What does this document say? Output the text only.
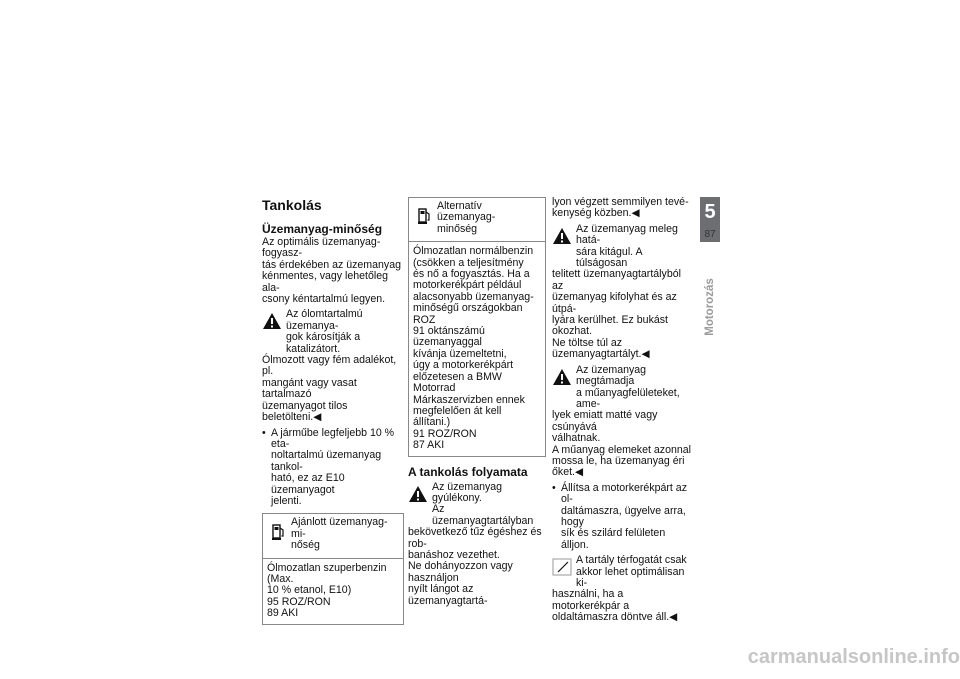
Tankolás
Üzemanyag-minőség

Az optimális üzemanyag-fogyasz-
tás érdekében az üzemanyag
kénmentes, vagy lehetőleg ala-
csony kéntartalmú legyen.

Az ólomtartalmú üzemanya-
gok károsítják a katalizátort.
Ólmozott vagy fém adalékot, pl.
mangánt vagy vasat tartalmazó
üzemanyagot tilos beletölteni.◀
• A járműbe legfeljebb 10 % eta-
noltartalmú üzemanyag tankol-
ható, ez az E10 üzemanyagot
jelenti.
Ajánlott üzemanyag-mi-
nőség

Ólmozatlan szuperbenzin (Max.

10 % etanol, E10)

95 ROZ/RON

89 AKI

Alternatív üzemanyag-
minőség

Ólmozatlan normálbenzin

(csökken a teljesítmény

és nő a fogyasztás. Ha a

motorkerékpárt például

alacsonyabb üzemanyag-

minőségű országokban ROZ

91 oktánszámú üzemanyaggal

kívánja üzemeltetni,

úgy a motorkerékpárt

előzetesen a BMW Motorrad

Márkaszervizben ennek

megfelelően át kell állítani.)

91 ROZ/RON

87 AKI

A tankolás folyamata
Az üzemanyag gyúlékony.
Az üzemanyagtartályban
bekövetkező tűz égéshez és rob-
banáshoz vezethet.
Ne dohányozzon vagy használjon
nyílt lángot az üzemanyagtartá-

lyon végzett semmilyen tevé-
kenység közben.◀

Az üzemanyag meleg hatá-
sára kitágul. A túlságosan
telitett üzemanyagtartályból az
üzemanyag kifolyhat és az útpá-
lyára kerülhet. Ez bukást okozhat.
Ne töltse túl az
üzemanyagtartályt.◀
Az üzemanyag megtámadja
a műanyagfelületeket, ame-
lyek emiatt matté vagy csúnyává
válhatnak.
A műanyag elemeket azonnal
mossa le, ha üzemanyag éri
őket.◀
• Állítsa a motorkerékpárt az ol-
daltámaszra, ügyelve arra, hogy
sík és szilárd felületen álljon.
A tartály térfogatát csak
akkor lehet optimálisan ki-
használni, ha a motorkerékpár a
oldaltámaszra döntve áll.◀
5
87
Motorozás
carmanualsonline.info
